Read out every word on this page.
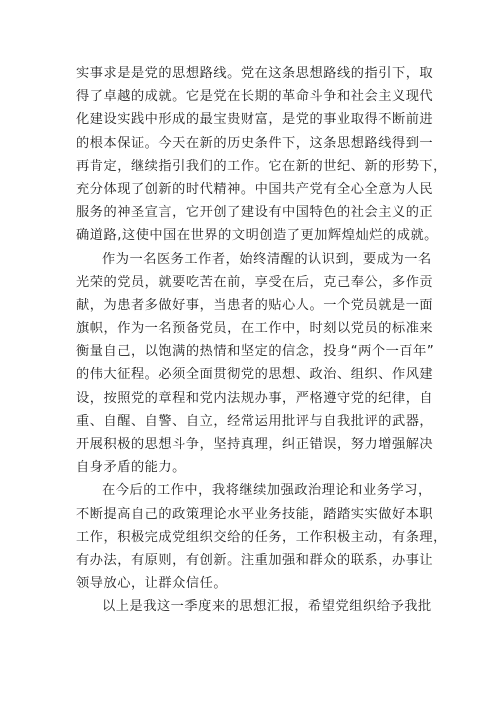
实事求是是党的思想路线。党在这条思想路线的指引下，取
得了卓越的成就。它是党在长期的革命斗争和社会主义现代
化建设实践中形成的最宝贵财富，是党的事业取得不断前进
的根本保证。今天在新的历史条件下，这条思想路线得到一
再肯定，继续指引我们的工作。它在新的世纪、新的形势下，
充分体现了创新的时代精神。中国共产党有全心全意为人民
服务的神圣宣言，它开创了建设有中国特色的社会主义的正
确道路,这使中国在世界的文明创造了更加辉煌灿烂的成就。
作为一名医务工作者，始终清醒的认识到，要成为一名
光荣的党员，就要吃苦在前，享受在后，克己奉公，多作贡
献，为患者多做好事，当患者的贴心人。一个党员就是一面
旗帜，作为一名预备党员，在工作中，时刻以党员的标准来
衡量自己，以饱满的热情和坚定的信念，投身“两个一百年”
的伟大征程。必须全面贯彻党的思想、政治、组织、作风建
设，按照党的章程和党内法规办事，严格遵守党的纪律，自
重、自醒、自警、自立，经常运用批评与自我批评的武器，
开展积极的思想斗争，坚持真理，纠正错误，努力增强解决
自身矛盾的能力。
在今后的工作中，我将继续加强政治理论和业务学习，
不断提高自己的政策理论水平业务技能，踏踏实实做好本职
工作，积极完成党组织交给的任务，工作积极主动，有条理，
有办法，有原则，有创新。注重加强和群众的联系，办事让
领导放心，让群众信任。
以上是我这一季度来的思想汇报，希望党组织给予我批
